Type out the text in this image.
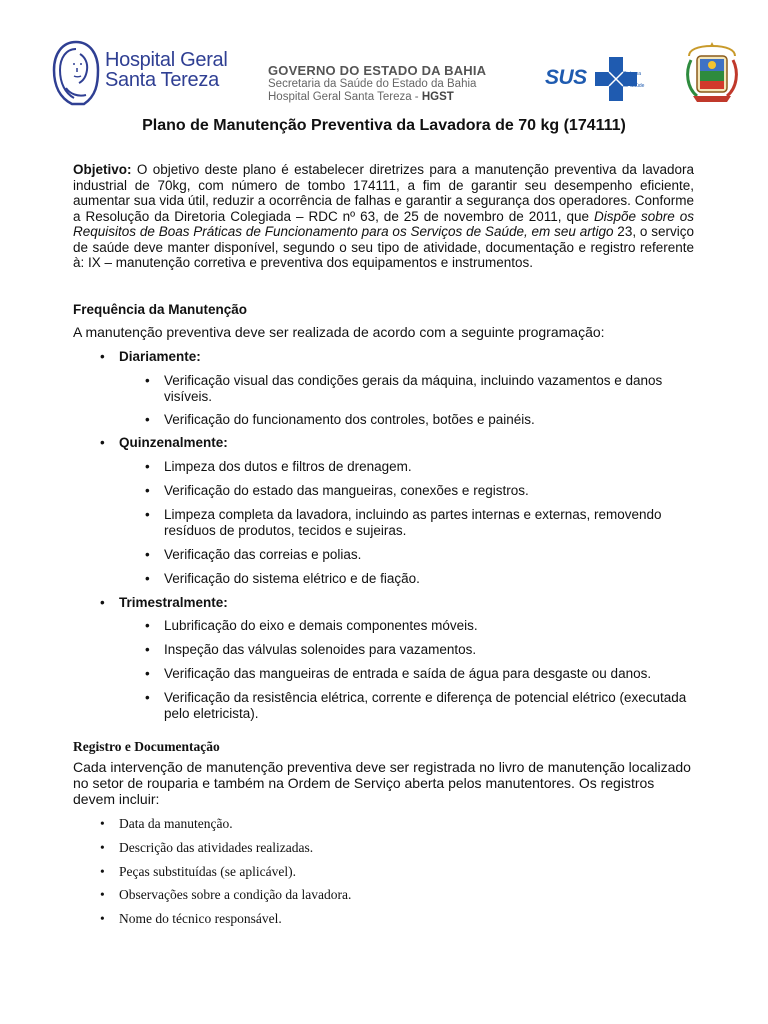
Hospital Geral
Santa Tereza	GOVERNO DO ESTADO DA BAHIA
Secretaria da Saúde do Estado da Bahia
Hospital Geral Santa Tereza - HGST
SUS	Sistema
Único
de Saúde
Plano de Manutenção Preventiva da Lavadora de 70 kg (174111)
Objetivo: O objetivo deste plano é estabelecer diretrizes para a manutenção preventiva da lavadora industrial de 70kg, com número de tombo 174111, a fim de garantir seu desempenho eficiente, aumentar sua vida útil, reduzir a ocorrência de falhas e garantir a segurança dos operadores. Conforme a Resolução da Diretoria Colegiada – RDC nº 63, de 25 de novembro de 2011, que Dispõe sobre os Requisitos de Boas Práticas de Funcionamento para os Serviços de Saúde, em seu artigo 23, o serviço de saúde deve manter disponível, segundo o seu tipo de atividade, documentação e registro referente à: IX – manutenção corretiva e preventiva dos equipamentos e instrumentos.
Frequência da Manutenção
A manutenção preventiva deve ser realizada de acordo com a seguinte programação:
• Diariamente:
• Verificação visual das condições gerais da máquina, incluindo vazamentos e danos visíveis.
• Verificação do funcionamento dos controles, botões e painéis.
• Quinzenalmente:
• Limpeza dos dutos e filtros de drenagem.
• Verificação do estado das mangueiras, conexões e registros.
• Limpeza completa da lavadora, incluindo as partes internas e externas, removendo resíduos de produtos, tecidos e sujeiras.
• Verificação das correias e polias.
• Verificação do sistema elétrico e de fiação.
• Trimestralmente:
• Lubrificação do eixo e demais componentes móveis.
• Inspeção das válvulas solenoides para vazamentos.
• Verificação das mangueiras de entrada e saída de água para desgaste ou danos.
• Verificação da resistência elétrica, corrente e diferença de potencial elétrico (executada pelo eletricista).
Registro e Documentação
Cada intervenção de manutenção preventiva deve ser registrada no livro de manutenção localizado no setor de rouparia e também na Ordem de Serviço aberta pelos manutentores. Os registros devem incluir:
• Data da manutenção.
• Descrição das atividades realizadas.
• Peças substituídas (se aplicável).
• Observações sobre a condição da lavadora.
• Nome do técnico responsável.
